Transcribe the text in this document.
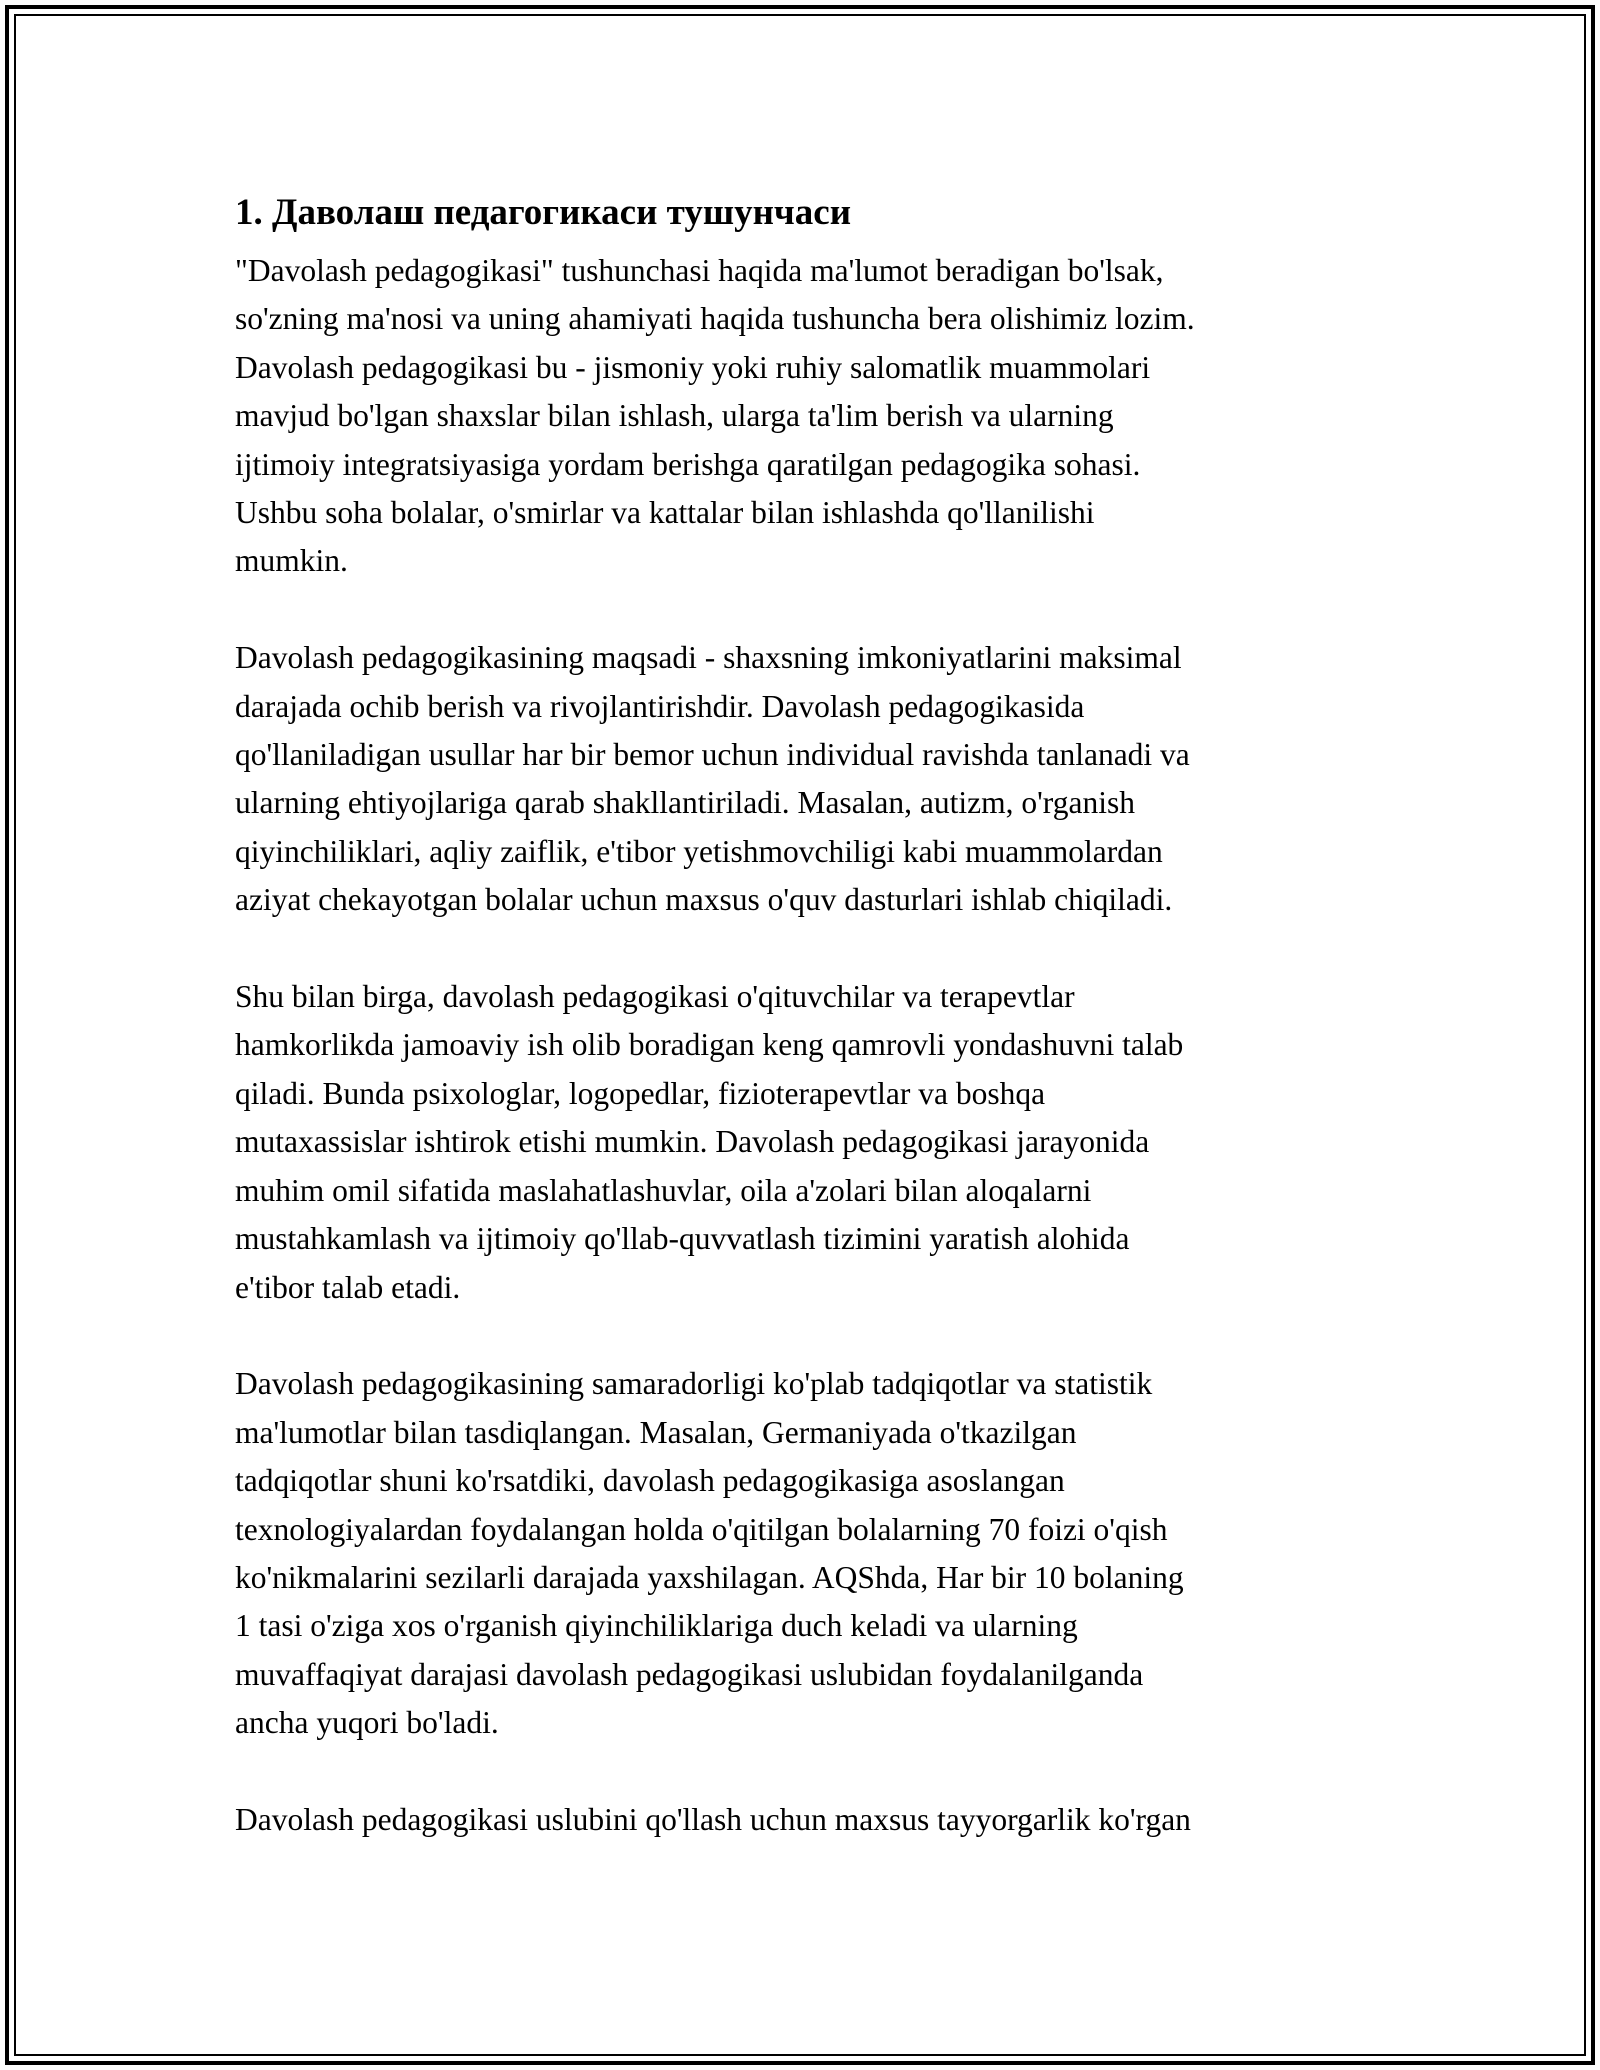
1. Даволаш педагогикаси тушунчаси
"Davolash pedagogikasi" tushunchasi haqida ma'lumot beradigan bo'lsak,
so'zning ma'nosi va uning ahamiyati haqida tushuncha bera olishimiz lozim.
Davolash pedagogikasi bu - jismoniy yoki ruhiy salomatlik muammolari
mavjud bo'lgan shaxslar bilan ishlash, ularga ta'lim berish va ularning
ijtimoiy integratsiyasiga yordam berishga qaratilgan pedagogika sohasi.
Ushbu soha bolalar, o'smirlar va kattalar bilan ishlashda qo'llanilishi
mumkin.
Davolash pedagogikasining maqsadi - shaxsning imkoniyatlarini maksimal
darajada ochib berish va rivojlantirishdir. Davolash pedagogikasida
qo'llaniladigan usullar har bir bemor uchun individual ravishda tanlanadi va
ularning ehtiyojlariga qarab shakllantiriladi. Masalan, autizm, o'rganish
qiyinchiliklari, aqliy zaiflik, e'tibor yetishmovchiligi kabi muammolardan
aziyat chekayotgan bolalar uchun maxsus o'quv dasturlari ishlab chiqiladi.
Shu bilan birga, davolash pedagogikasi o'qituvchilar va terapevtlar
hamkorlikda jamoaviy ish olib boradigan keng qamrovli yondashuvni talab
qiladi. Bunda psixologlar, logopedlar, fizioterapevtlar va boshqa
mutaxassislar ishtirok etishi mumkin. Davolash pedagogikasi jarayonida
muhim omil sifatida maslahatlashuvlar, oila a'zolari bilan aloqalarni
mustahkamlash va ijtimoiy qo'llab-quvvatlash tizimini yaratish alohida
e'tibor talab etadi.
Davolash pedagogikasining samaradorligi ko'plab tadqiqotlar va statistik
ma'lumotlar bilan tasdiqlangan. Masalan, Germaniyada o'tkazilgan
tadqiqotlar shuni ko'rsatdiki, davolash pedagogikasiga asoslangan
texnologiyalardan foydalangan holda o'qitilgan bolalarning 70 foizi o'qish
ko'nikmalarini sezilarli darajada yaxshilagan. AQShda, Har bir 10 bolaning
1 tasi o'ziga xos o'rganish qiyinchiliklariga duch keladi va ularning
muvaffaqiyat darajasi davolash pedagogikasi uslubidan foydalanilganda
ancha yuqori bo'ladi.
Davolash pedagogikasi uslubini qo'llash uchun maxsus tayyorgarlik ko'rgan
